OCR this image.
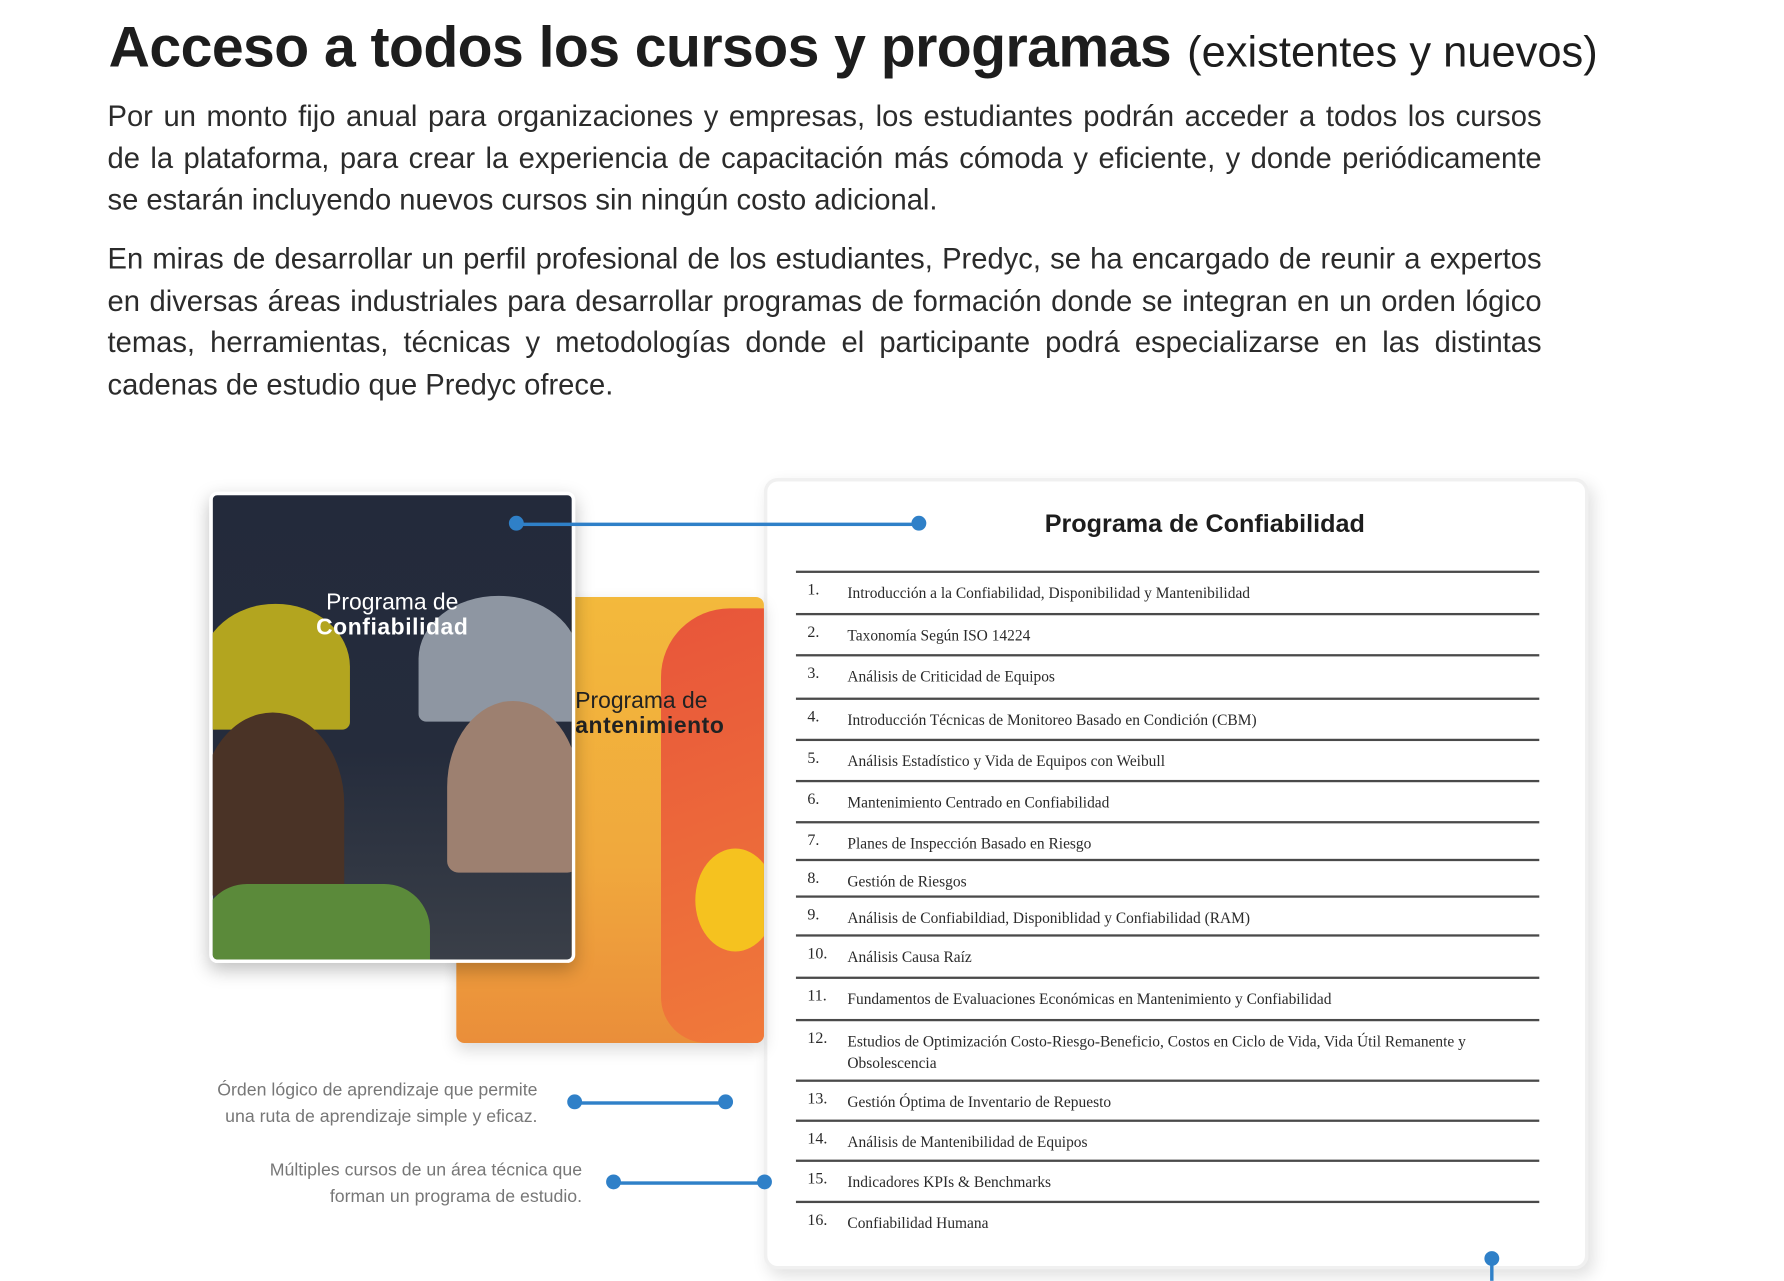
Acceso a todos los cursos y programas (existentes y nuevos)

Por un monto fijo anual para organizaciones y empresas, los estudiantes podrán acceder a todos los cursos de la plataforma, para crear la experiencia de capacitación más cómoda y eficiente, y donde periódicamente se estarán incluyendo nuevos cursos sin ningún costo adicional.

En miras de desarrollar un perfil profesional de los estudiantes, Predyc, se ha encargado de reunir a expertos en diversas áreas industriales para desarrollar programas de formación donde se integran en un orden lógico temas, herramientas, técnicas y metodologías donde el participante podrá especializarse en las distintas cadenas de estudio que Predyc ofrece.

Programa de
antenimiento
Programa de
Confiabilidad
Programa de Confiabilidad
1. Introducción a la Confiabilidad, Disponibilidad y Mantenibilidad
2. Taxonomía Según ISO 14224
3. Análisis de Criticidad de Equipos
4. Introducción Técnicas de Monitoreo Basado en Condición (CBM)
5. Análisis Estadístico y Vida de Equipos con Weibull
6. Mantenimiento Centrado en Confiabilidad
7. Planes de Inspección Basado en Riesgo
8. Gestión de Riesgos
9. Análisis de Confiabildiad, Disponiblidad y Confiabilidad (RAM)
10. Análisis Causa Raíz
11. Fundamentos de Evaluaciones Económicas en Mantenimiento y Confiabilidad
12. Estudios de Optimización Costo-Riesgo-Beneficio, Costos en Ciclo de Vida, Vida Útil Remanente y Obsolescencia
13. Gestión Óptima de Inventario de Repuesto
14. Análisis de Mantenibilidad de Equipos
15. Indicadores KPIs & Benchmarks
16. Confiabilidad Humana
Órden lógico de aprendizaje que permite
una ruta de aprendizaje simple y eficaz.
Múltiples cursos de un área técnica que
forman un programa de estudio.
